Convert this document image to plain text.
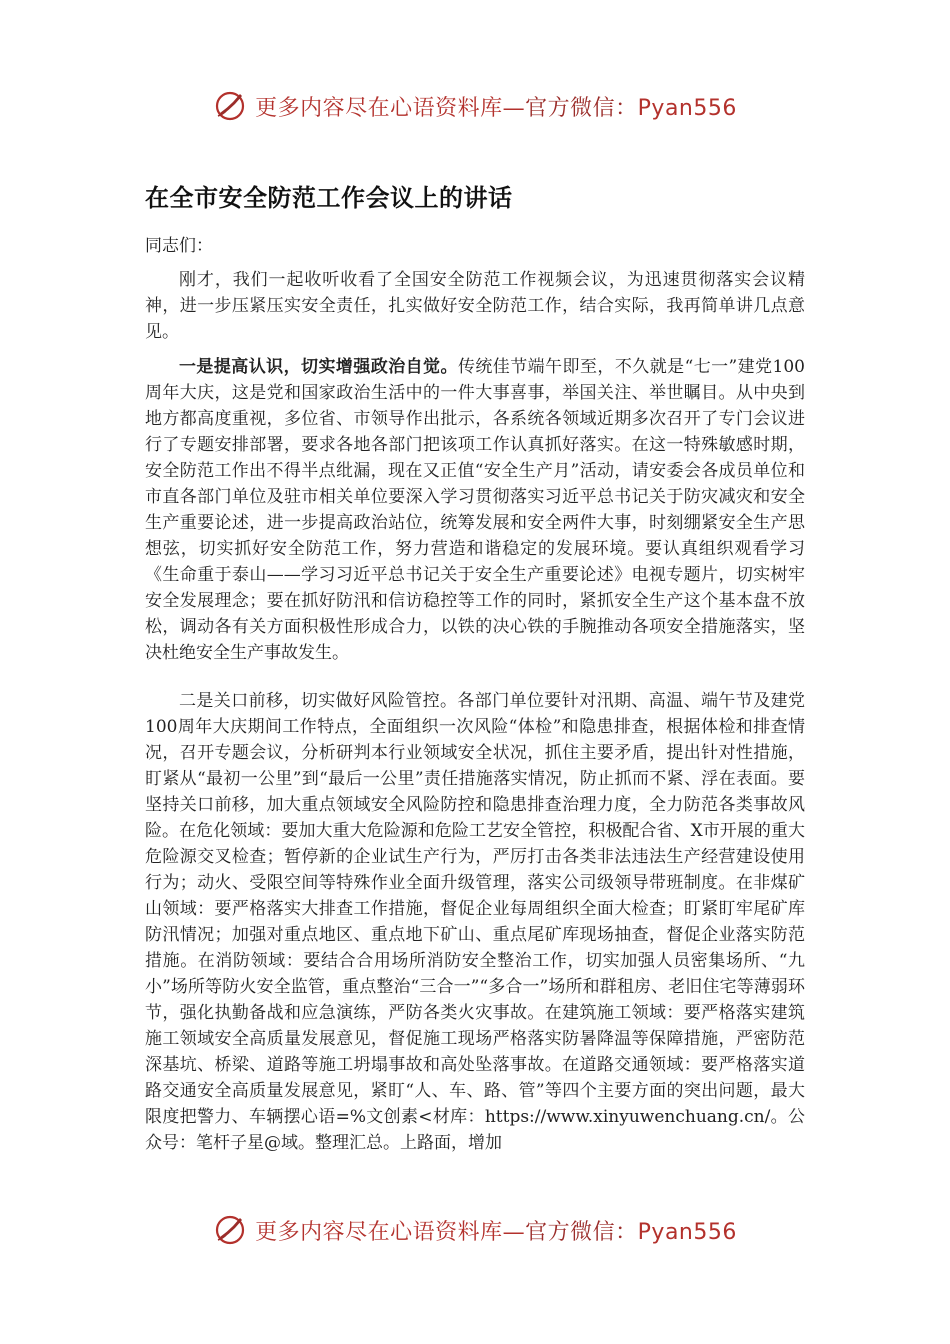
更多内容尽在心语资料库—官方微信：Pyan556
在全市安全防范工作会议上的讲话

同志们：

刚才，我们一起收听收看了全国安全防范工作视频会议，为迅速贯彻落实会议精神，进一步压紧压实安全责任，扎实做好安全防范工作，结合实际，我再简单讲几点意见。

一是提高认识，切实增强政治自觉。传统佳节端午即至，不久就是“七一”建党100周年大庆，这是党和国家政治生活中的一件大事喜事，举国关注、举世瞩目。从中央到地方都高度重视，多位省、市领导作出批示，各系统各领域近期多次召开了专门会议进行了专题安排部署，要求各地各部门把该项工作认真抓好落实。在这一特殊敏感时期，安全防范工作出不得半点纰漏，现在又正值“安全生产月”活动，请安委会各成员单位和市直各部门单位及驻市相关单位要深入学习贯彻落实习近平总书记关于防灾减灾和安全生产重要论述，进一步提高政治站位，统筹发展和安全两件大事，时刻绷紧安全生产思想弦，切实抓好安全防范工作，努力营造和谐稳定的发展环境。要认真组织观看学习《生命重于泰山——学习习近平总书记关于安全生产重要论述》电视专题片，切实树牢安全发展理念；要在抓好防汛和信访稳控等工作的同时，紧抓安全生产这个基本盘不放松，调动各有关方面积极性形成合力，以铁的决心铁的手腕推动各项安全措施落实，坚决杜绝安全生产事故发生。

二是关口前移，切实做好风险管控。各部门单位要针对汛期、高温、端午节及建党100周年大庆期间工作特点，全面组织一次风险“体检”和隐患排查，根据体检和排查情况，召开专题会议，分析研判本行业领域安全状况，抓住主要矛盾，提出针对性措施，盯紧从“最初一公里”到“最后一公里”责任措施落实情况，防止抓而不紧、浮在表面。要坚持关口前移，加大重点领域安全风险防控和隐患排查治理力度，全力防范各类事故风险。在危化领域：要加大重大危险源和危险工艺安全管控，积极配合省、X市开展的重大危险源交叉检查；暂停新的企业试生产行为，严厉打击各类非法违法生产经营建设使用行为；动火、受限空间等特殊作业全面升级管理，落实公司级领导带班制度。在非煤矿山领域：要严格落实大排查工作措施，督促企业每周组织全面大检查；盯紧盯牢尾矿库防汛情况；加强对重点地区、重点地下矿山、重点尾矿库现场抽查，督促企业落实防范措施。在消防领域：要结合合用场所消防安全整治工作，切实加强人员密集场所、“九小”场所等防火安全监管，重点整治“三合一”“多合一”场所和群租房、老旧住宅等薄弱环节，强化执勤备战和应急演练，严防各类火灾事故。在建筑施工领域：要严格落实建筑施工领域安全高质量发展意见，督促施工现场严格落实防暑降温等保障措施，严密防范深基坑、桥梁、道路等施工坍塌事故和高处坠落事故。在道路交通领域：要严格落实道路交通安全高质量发展意见，紧盯“人、车、路、管”等四个主要方面的突出问题，最大限度把警力、车辆摆心语=%文创素<材库：https://www.xinyuwenchuang.cn/。公众号：笔杆子星@域。整理汇总。上路面，增加

更多内容尽在心语资料库—官方微信：Pyan556
